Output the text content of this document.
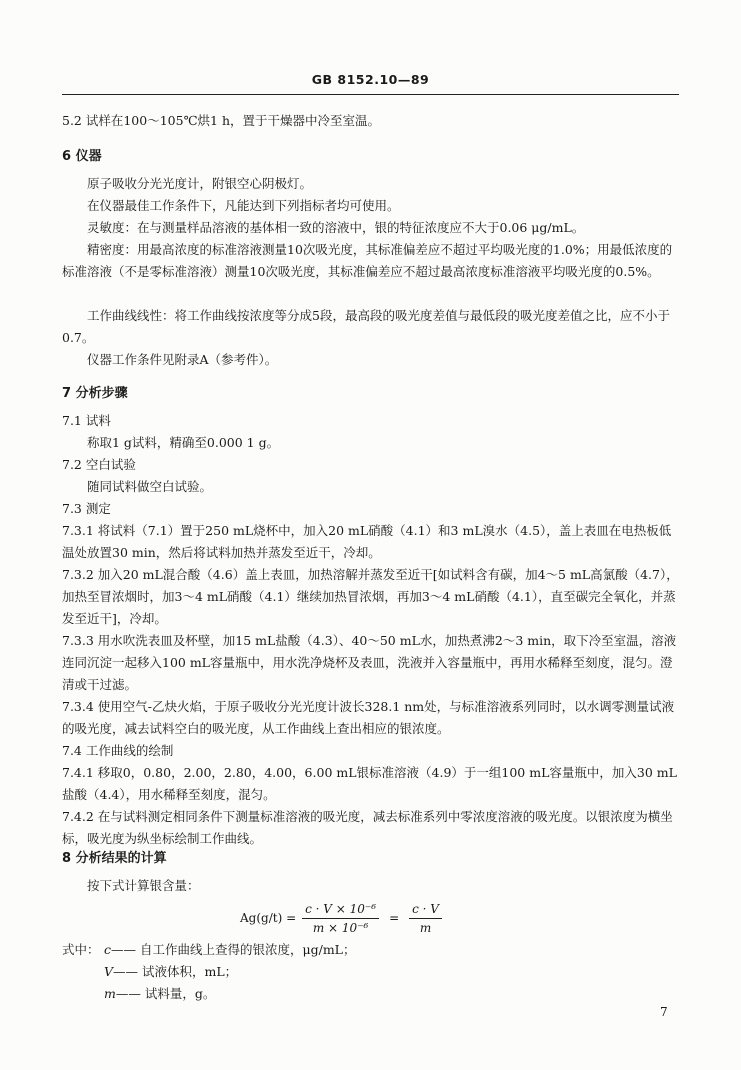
GB 8152.10—89
5.2 试样在100～105℃烘1 h，置于干燥器中冷至室温。
6 仪器
原子吸收分光光度计，附银空心阴极灯。
在仪器最佳工作条件下，凡能达到下列指标者均可使用。
灵敏度：在与测量样品溶液的基体相一致的溶液中，银的特征浓度应不大于0.06 μg/mL。
精密度：用最高浓度的标准溶液测量10次吸光度，其标准偏差应不超过平均吸光度的1.0%；用最低浓度的标准溶液（不是零标准溶液）测量10次吸光度，其标准偏差应不超过最高浓度标准溶液平均吸光度的0.5%。
工作曲线线性：将工作曲线按浓度等分成5段，最高段的吸光度差值与最低段的吸光度差值之比，应不小于0.7。
仪器工作条件见附录A（参考件）。
7 分析步骤
7.1 试料
称取1 g试料，精确至0.000 1 g。
7.2 空白试验
随同试料做空白试验。
7.3 测定
7.3.1 将试料（7.1）置于250 mL烧杯中，加入20 mL硝酸（4.1）和3 mL溴水（4.5），盖上表皿在电热板低温处放置30 min，然后将试料加热并蒸发至近干，冷却。
7.3.2 加入20 mL混合酸（4.6）盖上表皿，加热溶解并蒸发至近干[如试料含有碳，加4～5 mL高氯酸（4.7），加热至冒浓烟时，加3～4 mL硝酸（4.1）继续加热冒浓烟，再加3～4 mL硝酸（4.1），直至碳完全氧化，并蒸发至近干]，冷却。
7.3.3 用水吹洗表皿及杯壁，加15 mL盐酸（4.3）、40～50 mL水，加热煮沸2～3 min，取下冷至室温，溶液连同沉淀一起移入100 mL容量瓶中，用水洗净烧杯及表皿，洗液并入容量瓶中，再用水稀释至刻度，混匀。澄清或干过滤。
7.3.4 使用空气-乙炔火焰，于原子吸收分光光度计波长328.1 nm处，与标准溶液系列同时，以水调零测量试液的吸光度，减去试料空白的吸光度，从工作曲线上查出相应的银浓度。
7.4 工作曲线的绘制
7.4.1 移取0，0.80，2.00，2.80，4.00，6.00 mL银标准溶液（4.9）于一组100 mL容量瓶中，加入30 mL盐酸（4.4），用水稀释至刻度，混匀。
7.4.2 在与试料测定相同条件下测量标准溶液的吸光度，减去标准系列中零浓度溶液的吸光度。以银浓度为横坐标，吸光度为纵坐标绘制工作曲线。
8 分析结果的计算
按下式计算银含量：
$Ag(g/t) = \frac{\text{c · V × 10⁻⁶}}{\text{m × 10⁻⁶}} = \frac{c \cdot V}{m}$
式中： c—— 自工作曲线上查得的银浓度，μg/mL；
V—— 试液体积，mL；
m—— 试料量，g。
7
